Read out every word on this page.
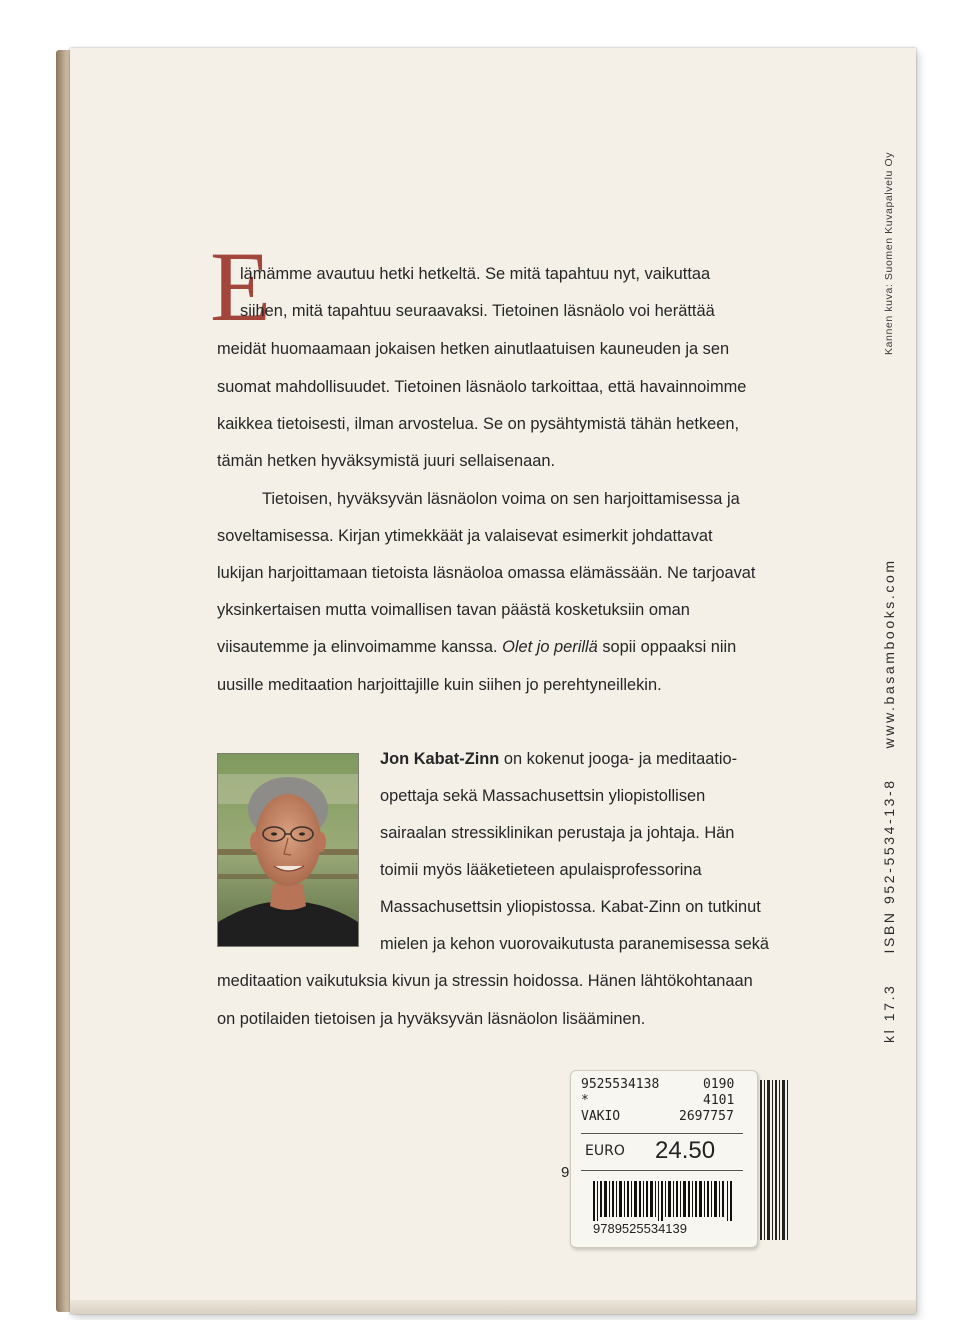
Kannen kuva: Suomen Kuvapalvelu Oy
kl 17.3ISBN 952-5534-13-8www.basambooks.com
E
lämämme avautuu hetki hetkeltä. Se mitä tapahtuu nyt, vaikuttaa
siihen, mitä tapahtuu seuraavaksi. Tietoinen läsnäolo voi herättää
meidät huomaamaan jokaisen hetken ainutlaatuisen kauneuden ja sen
suomat mahdollisuudet. Tietoinen läsnäolo tarkoittaa, että havainnoimme
kaikkea tietoisesti, ilman arvostelua. Se on pysähtymistä tähän hetkeen,
tämän hetken hyväksymistä juuri sellaisenaan.
Tietoisen, hyväksyvän läsnäolon voima on sen harjoittamisessa ja
soveltamisessa. Kirjan ytimekkäät ja valaisevat esimerkit johdattavat
lukijan harjoittamaan tietoista läsnäoloa omassa elämässään. Ne tarjoavat
yksinkertaisen mutta voimallisen tavan päästä kosketuksiin oman
viisautemme ja elinvoimamme kanssa. Olet jo perillä sopii oppaaksi niin
uusille meditaation harjoittajille kuin siihen jo perehtyneillekin.
Jon Kabat-Zinn on kokenut jooga- ja meditaatio-
opettaja sekä Massachusettsin yliopistollisen
sairaalan stressiklinikan perustaja ja johtaja. Hän
toimii myös lääketieteen apulaisprofessorina
Massachusettsin yliopistossa. Kabat-Zinn on tutkinut
mielen ja kehon vuorovaikutusta paranemisessa sekä
meditaation vaikutuksia kivun ja stressin hoidossa. Hänen lähtökohtanaan
on potilaiden tietoisen ja hyväksyvän läsnäolon lisääminen.
9
9525534138	0190
*	4101
VAKIO	2697757
EURO 24.50
9789525534139
